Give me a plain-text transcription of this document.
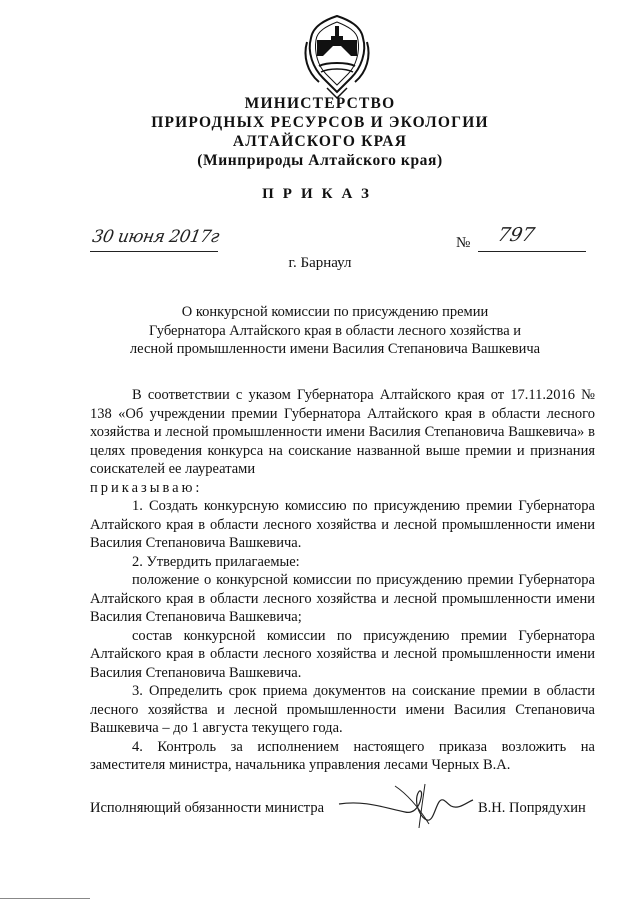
МИНИСТЕРСТВО
ПРИРОДНЫХ РЕСУРСОВ И ЭКОЛОГИИ
АЛТАЙСКОГО КРАЯ
(Минприроды Алтайского края)
ПРИКАЗ
30 июня 2017г	№ 797
г. Барнаул
О конкурсной комиссии по присуждению премии
Губернатора Алтайского края в области лесного хозяйства и
лесной промышленности имени Василия Степановича Вашкевича

В соответствии с указом Губернатора Алтайского края от 17.11.2016 № 138 «Об учреждении премии Губернатора Алтайского края в области лесного хозяйства и лесной промышленности имени Василия Степановича Вашкевича» в целях проведения конкурса на соискание названной выше премии и признания соискателей ее лауреатами

приказываю:

1. Создать конкурсную комиссию по присуждению премии Губернатора Алтайского края в области лесного хозяйства и лесной промышленности имени Василия Степановича Вашкевича.

2. Утвердить прилагаемые:

положение о конкурсной комиссии по присуждению премии Губернатора Алтайского края в области лесного хозяйства и лесной промышленности имени Василия Степановича Вашкевича;

состав конкурсной комиссии по присуждению премии Губернатора Алтайского края в области лесного хозяйства и лесной промышленности имени Василия Степановича Вашкевича.

3. Определить срок приема документов на соискание премии в области лесного хозяйства и лесной промышленности имени Василия Степановича Вашкевича – до 1 августа текущего года.

4. Контроль за исполнением настоящего приказа возложить на заместителя министра, начальника управления лесами Черных В.А.

Исполняющий обязанности министра	В.Н. Попрядухин
